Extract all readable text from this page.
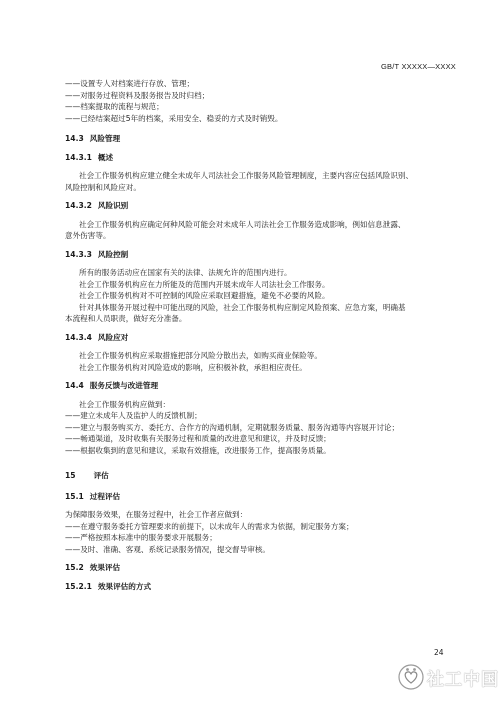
GB/T XXXXX—XXXX

——设置专人对档案进行存放、管理；

——对服务过程资料及服务报告及时归档；

——档案提取的流程与规范；

——已经结案超过5年的档案，采用安全、稳妥的方式及时销毁。

14.3 风险管理

14.3.1 概述

社会工作服务机构应建立健全未成年人司法社会工作服务风险管理制度，主要内容应包括风险识别、

风险控制和风险应对。

14.3.2 风险识别

社会工作服务机构应确定何种风险可能会对未成年人司法社会工作服务造成影响，例如信息泄露、

意外伤害等。

14.3.3 风险控制

所有的服务活动应在国家有关的法律、法规允许的范围内进行。

社会工作服务机构应在力所能及的范围内开展未成年人司法社会工作服务。

社会工作服务机构对不可控制的风险应采取回避措施，避免不必要的风险。

针对具体服务开展过程中可能出现的风险，社会工作服务机构应制定风险预案、应急方案，明确基

本流程和人员职责，做好充分准备。

14.3.4 风险应对

社会工作服务机构应采取措施把部分风险分散出去，如购买商业保险等。

社会工作服务机构对风险造成的影响，应积极补救，承担相应责任。

14.4 服务反馈与改进管理

社会工作服务机构应做到：

——建立未成年人及监护人的反馈机制；

——建立与服务购买方、委托方、合作方的沟通机制，定期就服务质量、服务沟通等内容展开讨论；

——畅通渠道，及时收集有关服务过程和质量的改进意见和建议，并及时反馈；

——根据收集到的意见和建议，采取有效措施，改进服务工作，提高服务质量。

15 评估

15.1 过程评估

为保障服务效果，在服务过程中，社会工作者应做到：

——在遵守服务委托方管理要求的前提下，以未成年人的需求为依据，制定服务方案；

——严格按照本标准中的服务要求开展服务；

——及时、准确、客观、系统记录服务情况，提交督导审核。

15.2 效果评估

15.2.1 效果评估的方式

24
社工中国
